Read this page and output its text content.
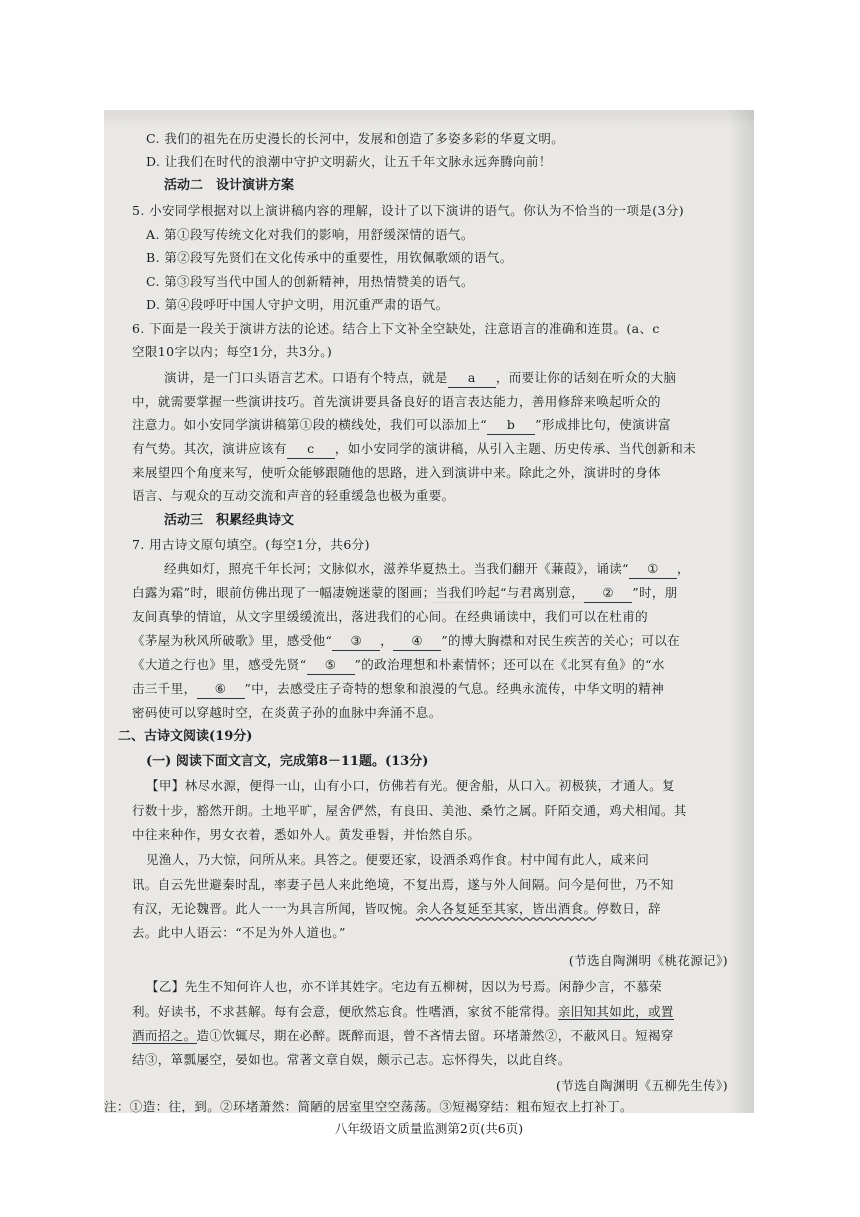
C. 我们的祖先在历史漫长的长河中，发展和创造了多姿多彩的华夏文明。
D. 让我们在时代的浪潮中守护文明薪火，让五千年文脉永远奔腾向前！
活动二　设计演讲方案
5. 小安同学根据对以上演讲稿内容的理解，设计了以下演讲的语气。你认为不恰当的一项是(3分)
A. 第①段写传统文化对我们的影响，用舒缓深情的语气。
B. 第②段写先贤们在文化传承中的重要性，用钦佩歌颂的语气。
C. 第③段写当代中国人的创新精神，用热情赞美的语气。
D. 第④段呼吁中国人守护文明，用沉重严肃的语气。
6. 下面是一段关于演讲方法的论述。结合上下文补全空缺处，注意语言的准确和连贯。(a、c
空限10字以内；每空1分，共3分。)
演讲，是一门口头语言艺术。口语有个特点，就是 a ，而要让你的话刻在听众的大脑
中，就需要掌握一些演讲技巧。首先演讲要具备良好的语言表达能力，善用修辞来唤起听众的
注意力。如小安同学演讲稿第①段的横线处，我们可以添加上“ b ”形成排比句，使演讲富
有气势。其次，演讲应该有 c ，如小安同学的演讲稿，从引入主题、历史传承、当代创新和未
来展望四个角度来写，使听众能够跟随他的思路，进入到演讲中来。除此之外，演讲时的身体
语言、与观众的互动交流和声音的轻重缓急也极为重要。
活动三　积累经典诗文
7. 用古诗文原句填空。(每空1分，共6分)
经典如灯，照亮千年长河；文脉似水，滋养华夏热土。当我们翻开《蒹葭》，诵读“ ① ，
白露为霜”时，眼前仿佛出现了一幅凄婉迷蒙的图画；当我们吟起“与君离别意， ② ”时，朋
友间真挚的情谊，从文字里缓缓流出，落进我们的心间。在经典诵读中，我们可以在杜甫的
《茅屋为秋风所破歌》里，感受他“ ③ ， ④ ”的博大胸襟和对民生疾苦的关心；可以在
《大道之行也》里，感受先贤“ ⑤ ”的政治理想和朴素情怀；还可以在《北冥有鱼》的“水
击三千里， ⑥ ”中，去感受庄子奇特的想象和浪漫的气息。经典永流传，中华文明的精神
密码使可以穿越时空，在炎黄子孙的血脉中奔涌不息。
二、古诗文阅读(19分)
(一) 阅读下面文言文，完成第8－11题。(13分)
【甲】林尽水源，便得一山，山有小口，仿佛若有光。便舍船，从口入。初极狭，才通人。复
行数十步，豁然开朗。土地平旷，屋舍俨然，有良田、美池、桑竹之属。阡陌交通，鸡犬相闻。其
中往来种作，男女衣着，悉如外人。黄发垂髫，并怡然自乐。
见渔人，乃大惊，问所从来。具答之。便要还家，设酒杀鸡作食。村中闻有此人，咸来问
讯。自云先世避秦时乱，率妻子邑人来此绝境，不复出焉，遂与外人间隔。问今是何世，乃不知
有汉，无论魏晋。此人一一为具言所闻，皆叹惋。余人各复延至其家，皆出酒食。停数日，辞
去。此中人语云：“不足为外人道也。”
(节选自陶渊明《桃花源记》)
【乙】先生不知何许人也，亦不详其姓字。宅边有五柳树，因以为号焉。闲静少言，不慕荣
利。好读书，不求甚解。每有会意，便欣然忘食。性嗜酒，家贫不能常得。亲旧知其如此，或置
酒而招之。造①饮辄尽，期在必醉。既醉而退，曾不吝情去留。环堵萧然②，不蔽风日。短褐穿
结③，箪瓢屡空，晏如也。常著文章自娱，颇示己志。忘怀得失，以此自终。
(节选自陶渊明《五柳先生传》)
注：①造：往，到。②环堵萧然：简陋的居室里空空荡荡。③短褐穿结：粗布短衣上打补丁。
八年级语文质量监测第2页(共6页)
